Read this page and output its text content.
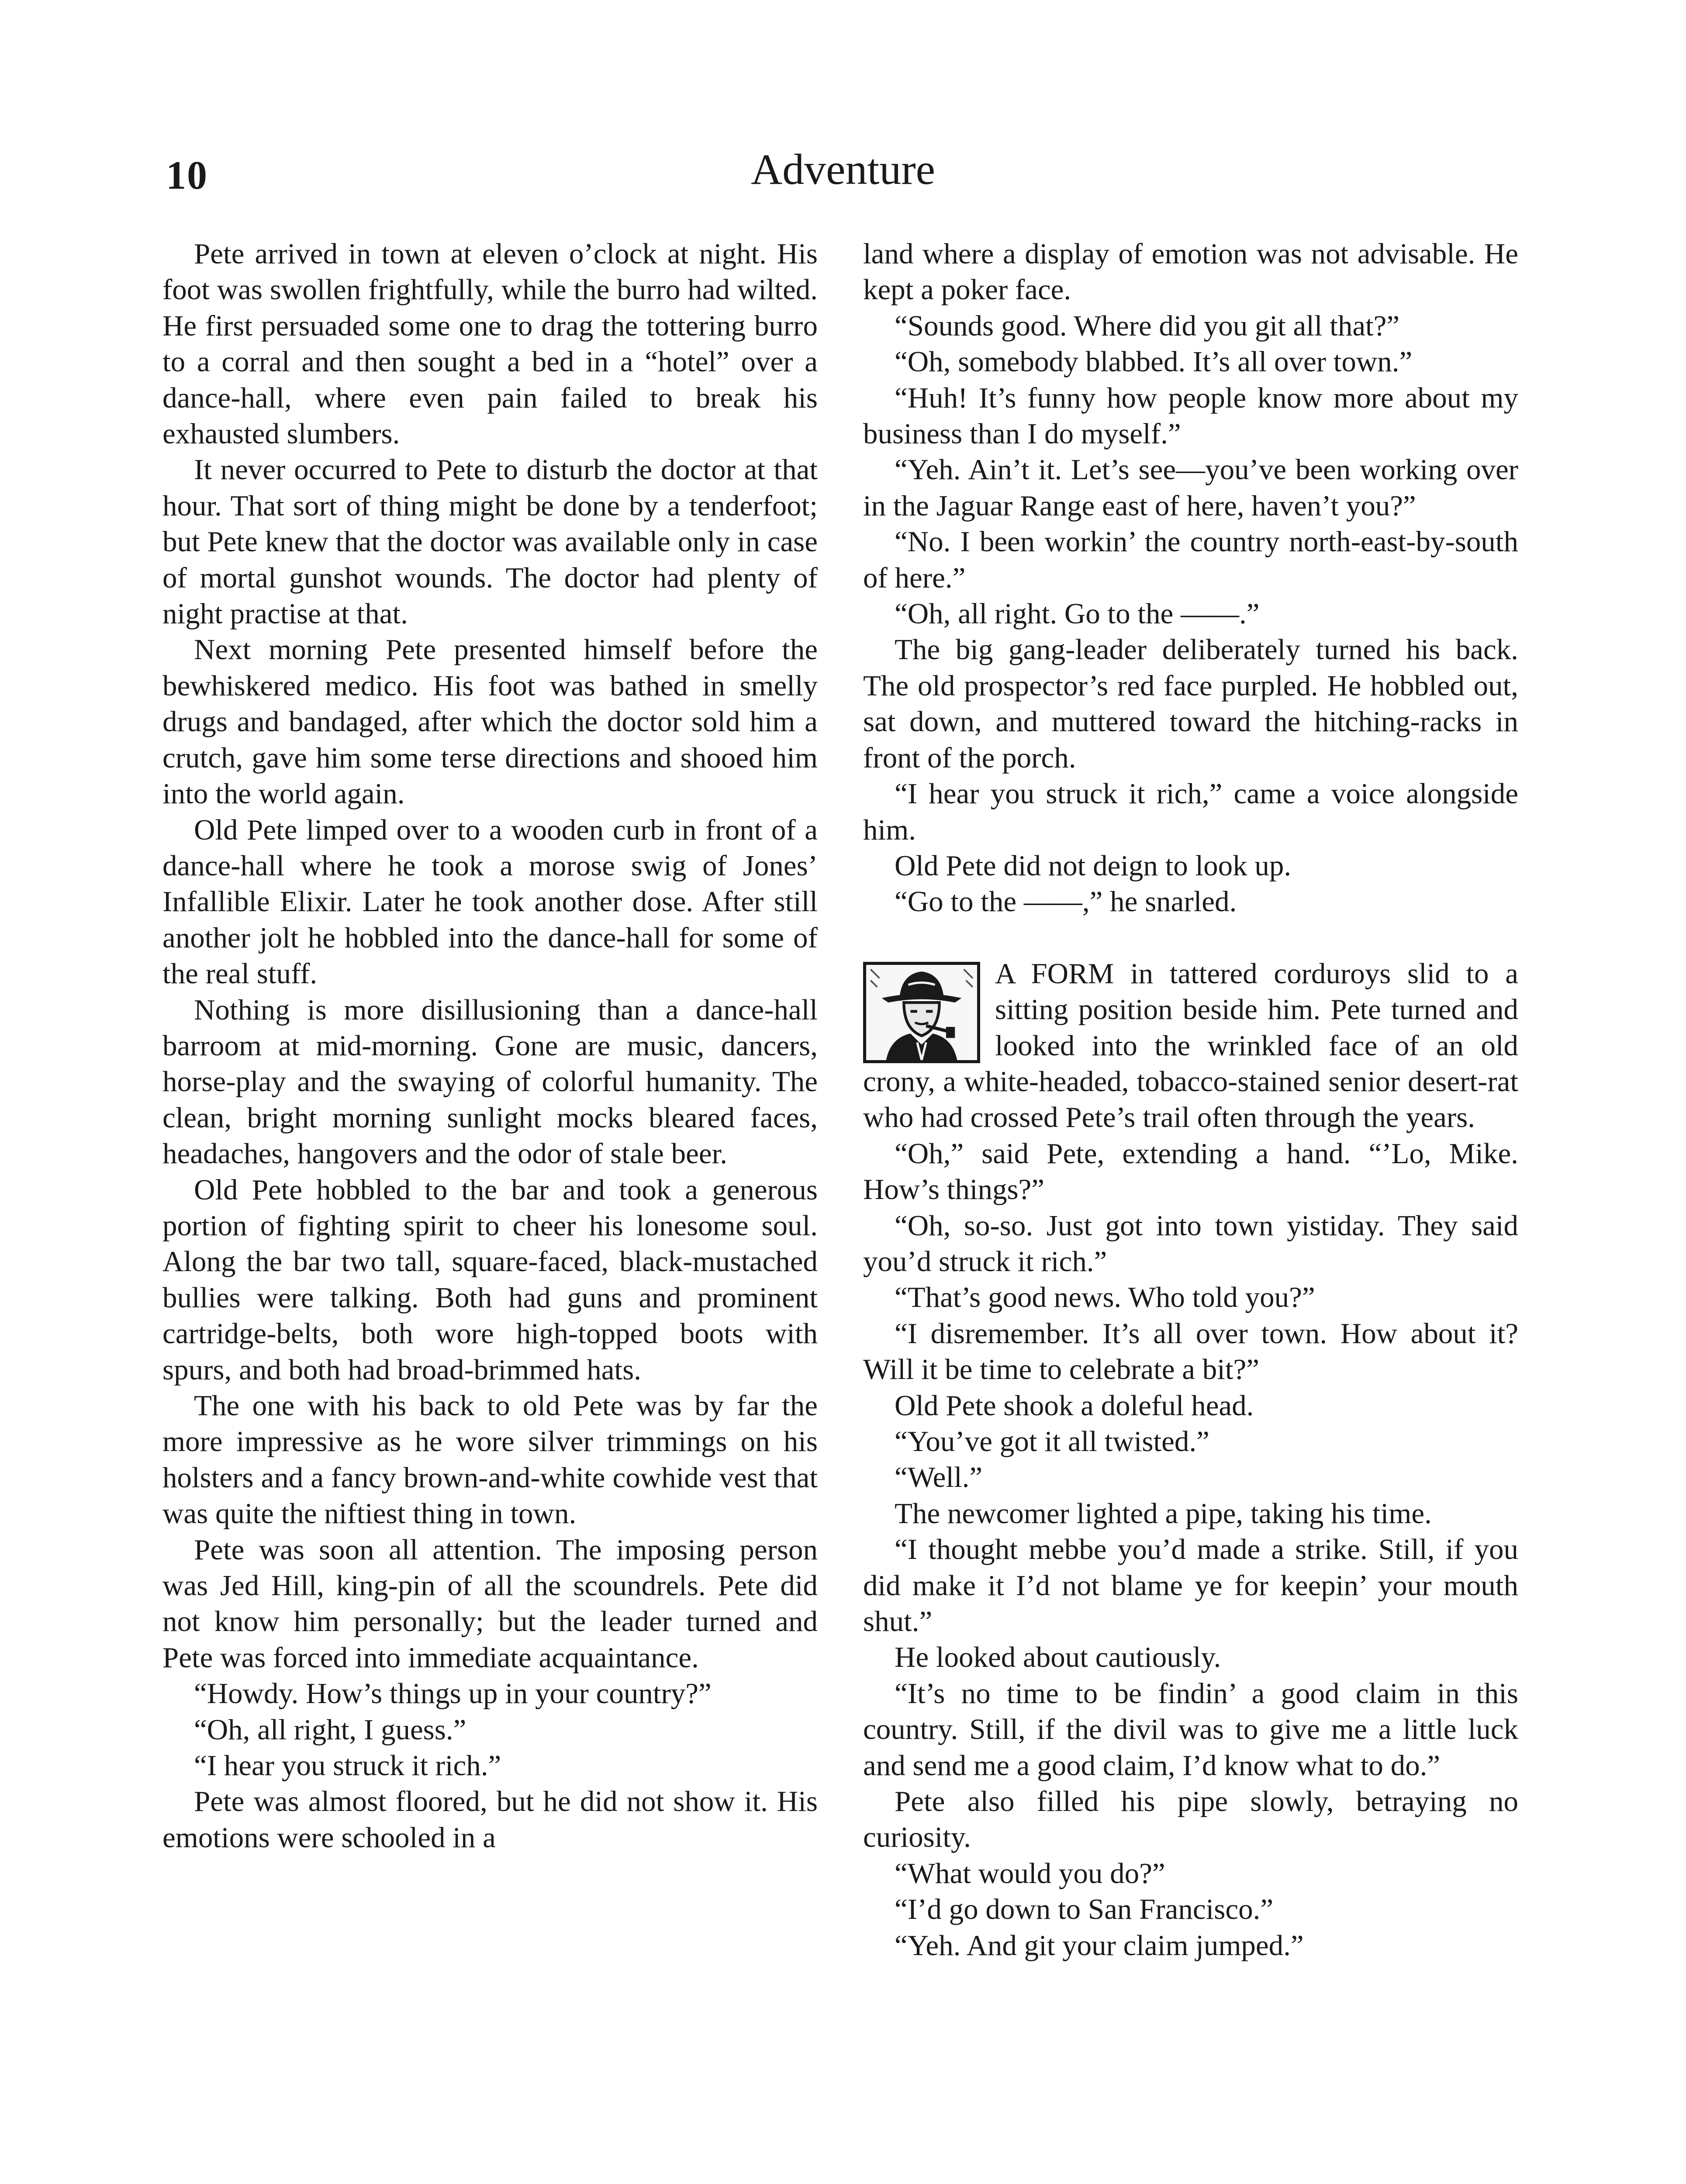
10	Adventure

Pete arrived in town at eleven o’clock at night. His foot was swollen frightfully, while the burro had wilted. He first persuaded some one to drag the tottering burro to a corral and then sought a bed in a “hotel” over a dance-hall, where even pain failed to break his exhausted slumbers.

It never occurred to Pete to disturb the doctor at that hour. That sort of thing might be done by a tenderfoot; but Pete knew that the doctor was available only in case of mortal gunshot wounds. The doctor had plenty of night practise at that.

Next morning Pete presented himself before the bewhiskered medico. His foot was bathed in smelly drugs and bandaged, after which the doctor sold him a crutch, gave him some terse directions and shooed him into the world again.

Old Pete limped over to a wooden curb in front of a dance-hall where he took a morose swig of Jones’ Infallible Elixir. Later he took another dose. After still another jolt he hobbled into the dance-hall for some of the real stuff.

Nothing is more disillusioning than a dance-hall barroom at mid-morning. Gone are music, dancers, horse-play and the swaying of colorful humanity. The clean, bright morning sunlight mocks bleared faces, headaches, hangovers and the odor of stale beer.

Old Pete hobbled to the bar and took a generous portion of fighting spirit to cheer his lonesome soul. Along the bar two tall, square-faced, black-mustached bullies were talking. Both had guns and prominent cartridge-belts, both wore high-topped boots with spurs, and both had broad-brimmed hats.

The one with his back to old Pete was by far the more impressive as he wore silver trimmings on his holsters and a fancy brown-and-white cowhide vest that was quite the niftiest thing in town.

Pete was soon all attention. The imposing person was Jed Hill, king-pin of all the scoundrels. Pete did not know him personally; but the leader turned and Pete was forced into immediate acquaintance.

“Howdy. How’s things up in your country?”

“Oh, all right, I guess.”

“I hear you struck it rich.”

Pete was almost floored, but he did not show it. His emotions were schooled in a

land where a display of emotion was not advisable. He kept a poker face.

“Sounds good. Where did you git all that?”

“Oh, somebody blabbed. It’s all over town.”

“Huh! It’s funny how people know more about my business than I do myself.”

“Yeh. Ain’t it. Let’s see—you’ve been working over in the Jaguar Range east of here, haven’t you?”

“No. I been workin’ the country north-east-by-south of here.”

“Oh, all right. Go to the ——.”

The big gang-leader deliberately turned his back. The old prospector’s red face purpled. He hobbled out, sat down, and muttered toward the hitching-racks in front of the porch.

“I hear you struck it rich,” came a voice alongside him.

Old Pete did not deign to look up.

“Go to the ——,” he snarled.

A FORM in tattered corduroys slid to a sitting position beside him. Pete turned and looked into the wrinkled face of an old crony, a white-headed, tobacco-stained senior desert-rat who had crossed Pete’s trail often through the years.

“Oh,” said Pete, extending a hand. “’Lo, Mike. How’s things?”

“Oh, so-so. Just got into town yistiday. They said you’d struck it rich.”

“That’s good news. Who told you?”

“I disremember. It’s all over town. How about it? Will it be time to celebrate a bit?”

Old Pete shook a doleful head.

“You’ve got it all twisted.”

“Well.”

The newcomer lighted a pipe, taking his time.

“I thought mebbe you’d made a strike. Still, if you did make it I’d not blame ye for keepin’ your mouth shut.”

He looked about cautiously.

“It’s no time to be findin’ a good claim in this country. Still, if the divil was to give me a little luck and send me a good claim, I’d know what to do.”

Pete also filled his pipe slowly, betraying no curiosity.

“What would you do?”

“I’d go down to San Francisco.”

“Yeh. And git your claim jumped.”
